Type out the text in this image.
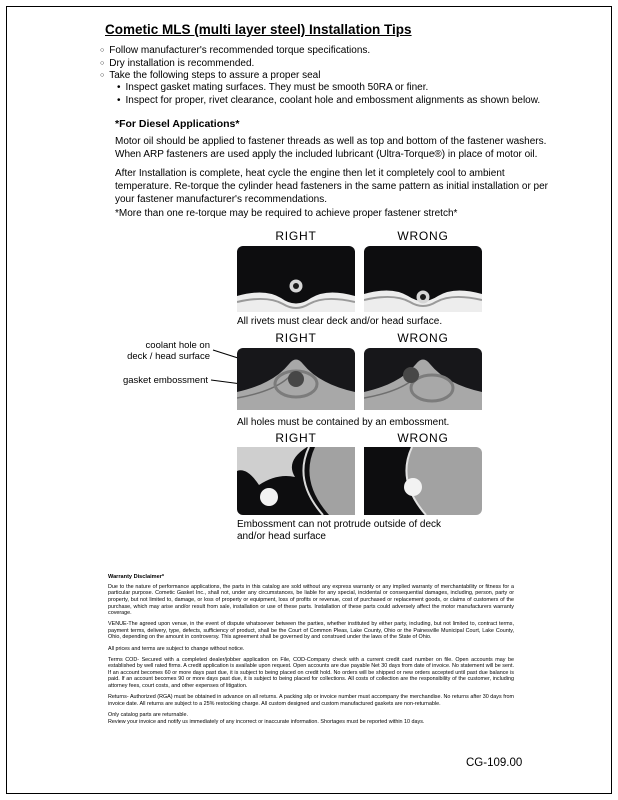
Cometic MLS (multi layer steel) Installation Tips
○ Follow manufacturer's recommended torque specifications.
○ Dry installation is recommended.
○ Take the following steps to assure a proper seal
• Inspect gasket mating surfaces. They must be smooth 50RA or finer.
• Inspect for proper, rivet clearance, coolant hole and embossment alignments as shown below.
*For Diesel Applications*
Motor oil should be applied to fastener threads as well as top and bottom of the fastener washers. When ARP fasteners are used apply the included lubricant (Ultra-Torque®) in place of motor oil.
After Installation is complete, heat cycle the engine then let it completely cool to ambient temperature. Re-torque the cylinder head fasteners in the same pattern as initial installation or per your fastener manufacturer's recommendations.
*More than one re-torque may be required to achieve proper fastener stretch*
RIGHT	WRONG
All rivets must clear deck and/or head surface.
RIGHT	WRONG
coolant hole on
deck / head surface
gasket embossment
All holes must be contained by an embossment.
RIGHT	WRONG
Embossment can not protrude outside of deck
and/or head surface
Warranty Disclaimer*

Due to the nature of performance applications, the parts in this catalog are sold without any express warranty or any implied warranty of merchantability or fitness for a particular purpose. Cometic Gasket Inc., shall not, under any circumstances, be liable for any special, incidental or consequential damages, including, person, party or property, but not limited to, damage, or loss of property or equipment, loss of profits or revenue, cost of purchased or replacement goods, or claims of customers of the purchase, which may arise and/or result from sale, installation or use of these parts. Installation of these parts could adversely affect the motor manufacturers warranty coverage.

VENUE-The agreed upon venue, in the event of dispute whatsoever between the parties, whether instituted by either party, including, but not limited to, contract terms, payment terms, delivery, type, defects, sufficiency of product, shall be the Court of Common Pleas, Lake County, Ohio or the Painesville Municipal Court, Lake County, Ohio, depending on the amount in controversy. This agreement shall be governed by and construed under the laws of the State of Ohio.

All prices and terms are subject to change without notice.

Terms COD- Secured with a completed dealer/jobber application on File, COD-Company check with a current credit card number on file. Open accounts may be established by well rated firms. A credit application is available upon request. Open accounts are due payable Net 30 days from date of invoice. No statement will be sent. If an account becomes 60 or more days past due, it is subject to being placed on credit hold. No orders will be shipped or new orders accepted until past due balance is paid. If an account becomes 90 or more days past due, it is subject to being placed for collections. All costs of collection are the responsibility of the customer, including attorney fees, court costs, and other expenses of litigation.

Returns- Authorized (RGA) must be obtained in advance on all returns. A packing slip or invoice number must accompany the merchandise. No returns after 30 days from invoice date. All returns are subject to a 25% restocking charge. All custom designed and custom manufactured gaskets are non-returnable.

Only catalog parts are returnable.

Review your invoice and notify us immediately of any incorrect or inaccurate information. Shortages must be reported within 10 days.

CG-109.00
